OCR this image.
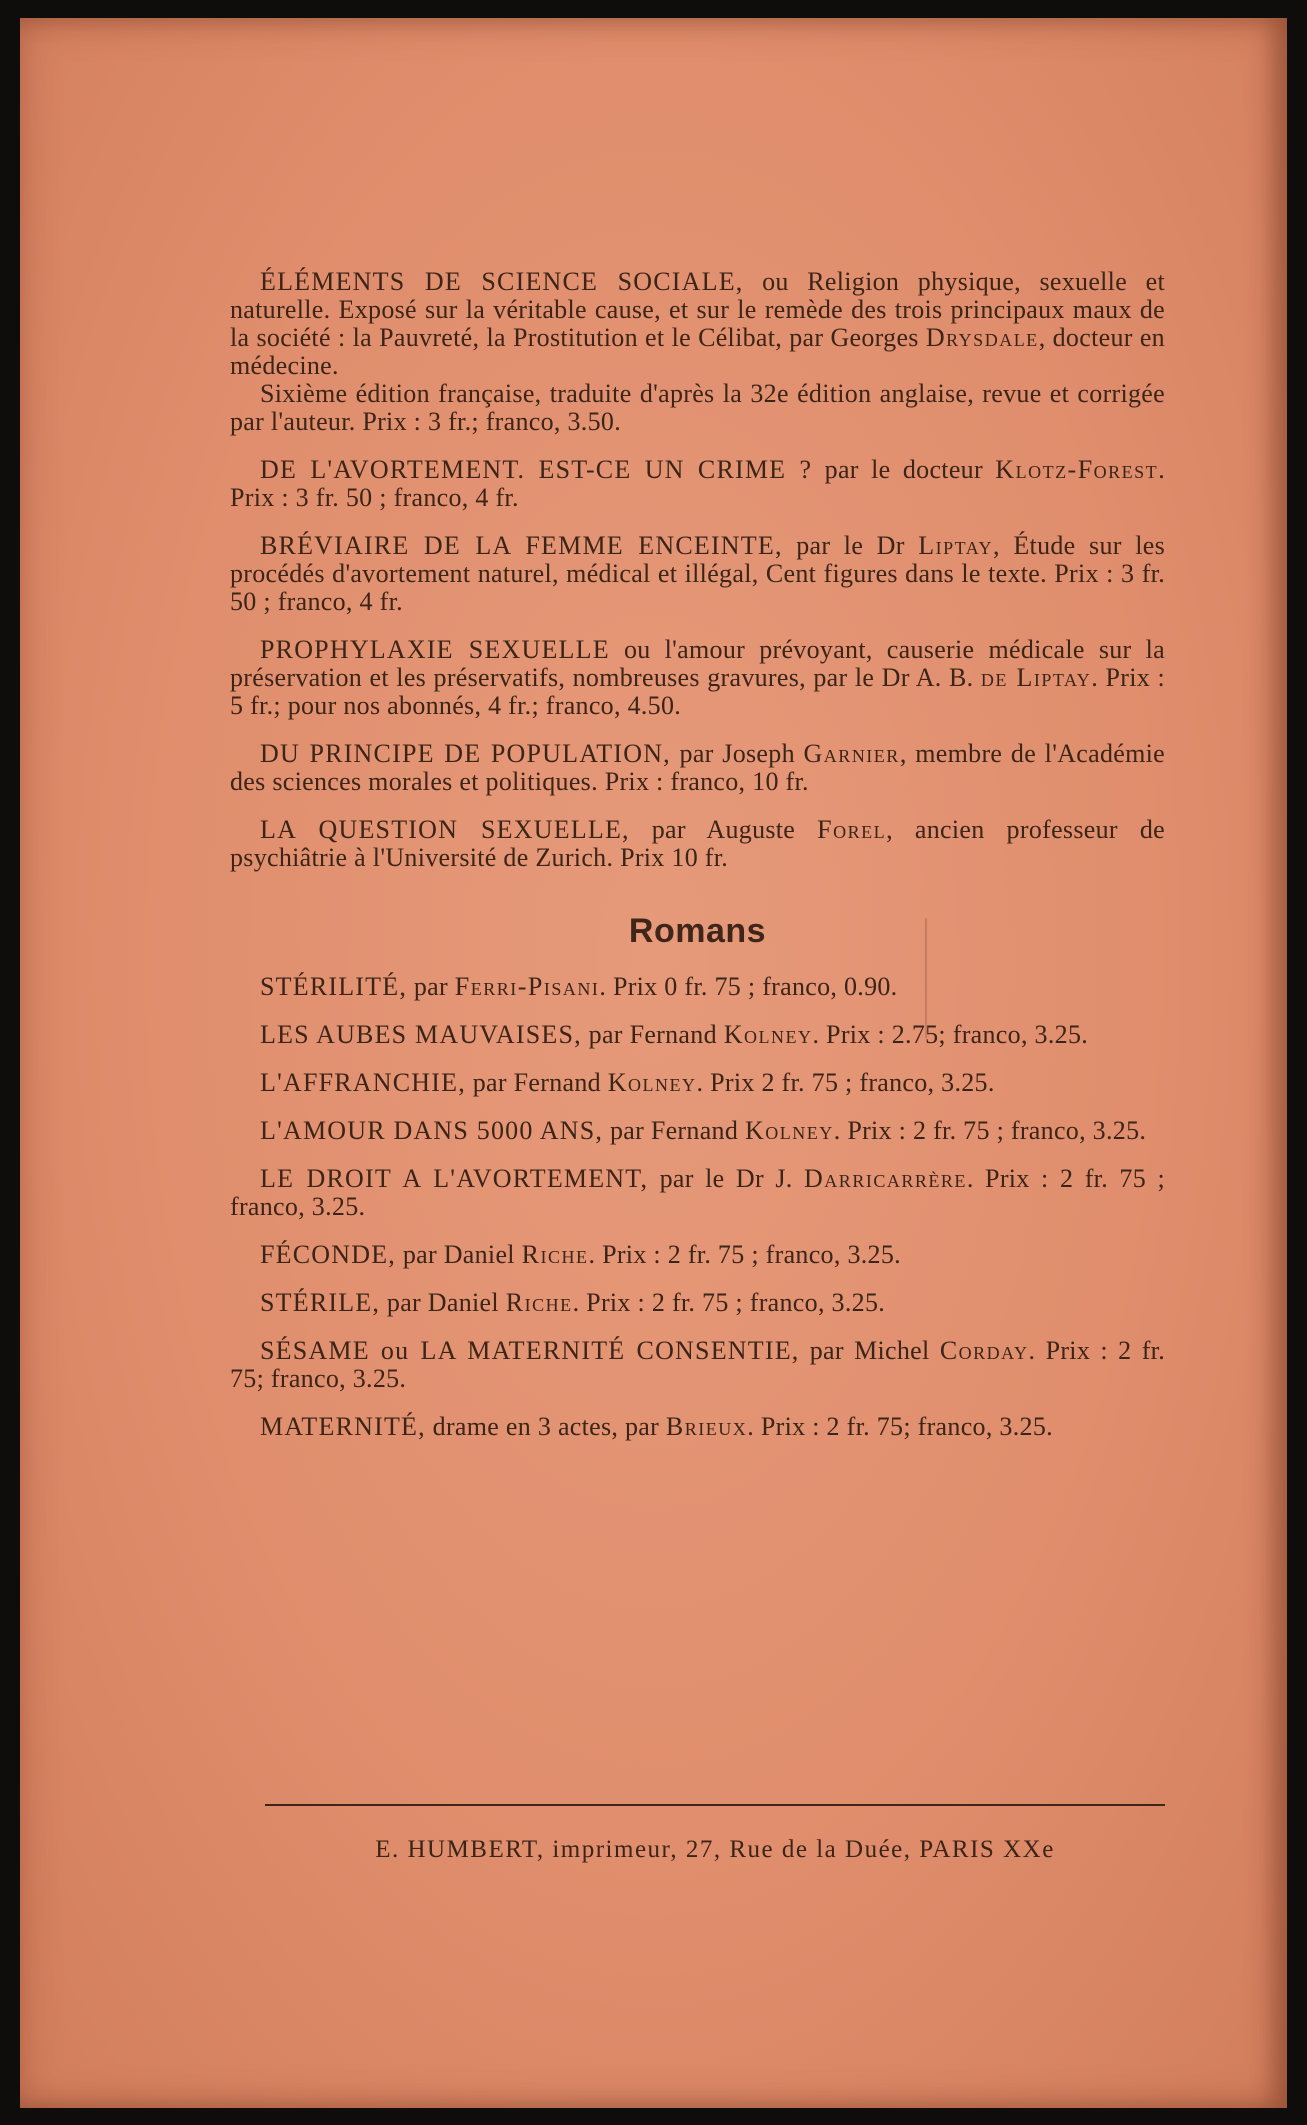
ÉLÉMENTS DE SCIENCE SOCIALE, ou Religion physique, sexuelle et naturelle. Exposé sur la véritable cause, et sur le remède des trois principaux maux de la société : la Pauvreté, la Prostitution et le Célibat, par Georges Drysdale, docteur en médecine.
Sixième édition française, traduite d'après la 32e édition anglaise, revue et corrigée par l'auteur. Prix : 3 fr.; franco, 3.50.

DE L'AVORTEMENT. EST-CE UN CRIME ? par le docteur Klotz-Forest. Prix : 3 fr. 50 ; franco, 4 fr.

BRÉVIAIRE DE LA FEMME ENCEINTE, par le Dr Liptay, Étude sur les procédés d'avortement naturel, médical et illégal, Cent figures dans le texte. Prix : 3 fr. 50 ; franco, 4 fr.

PROPHYLAXIE SEXUELLE ou l'amour prévoyant, causerie médicale sur la préservation et les préservatifs, nombreuses gravures, par le Dr A. B. de Liptay. Prix : 5 fr.; pour nos abonnés, 4 fr.; franco, 4.50.

DU PRINCIPE DE POPULATION, par Joseph Garnier, membre de l'Académie des sciences morales et politiques. Prix : franco, 10 fr.

LA QUESTION SEXUELLE, par Auguste Forel, ancien professeur de psychiâtrie à l'Université de Zurich. Prix 10 fr.

Romans

STÉRILITÉ, par Ferri-Pisani. Prix 0 fr. 75 ; franco, 0.90.

LES AUBES MAUVAISES, par Fernand Kolney. Prix : 2.75; franco, 3.25.

L'AFFRANCHIE, par Fernand Kolney. Prix 2 fr. 75 ; franco, 3.25.

L'AMOUR DANS 5000 ANS, par Fernand Kolney. Prix : 2 fr. 75 ; franco, 3.25.

LE DROIT A L'AVORTEMENT, par le Dr J. Darricarrère. Prix : 2 fr. 75 ; franco, 3.25.

FÉCONDE, par Daniel Riche. Prix : 2 fr. 75 ; franco, 3.25.

STÉRILE, par Daniel Riche. Prix : 2 fr. 75 ; franco, 3.25.

SÉSAME ou LA MATERNITÉ CONSENTIE, par Michel Corday. Prix : 2 fr. 75; franco, 3.25.

MATERNITÉ, drame en 3 actes, par Brieux. Prix : 2 fr. 75; franco, 3.25.

E. HUMBERT, imprimeur, 27, Rue de la Duée, PARIS XXe
